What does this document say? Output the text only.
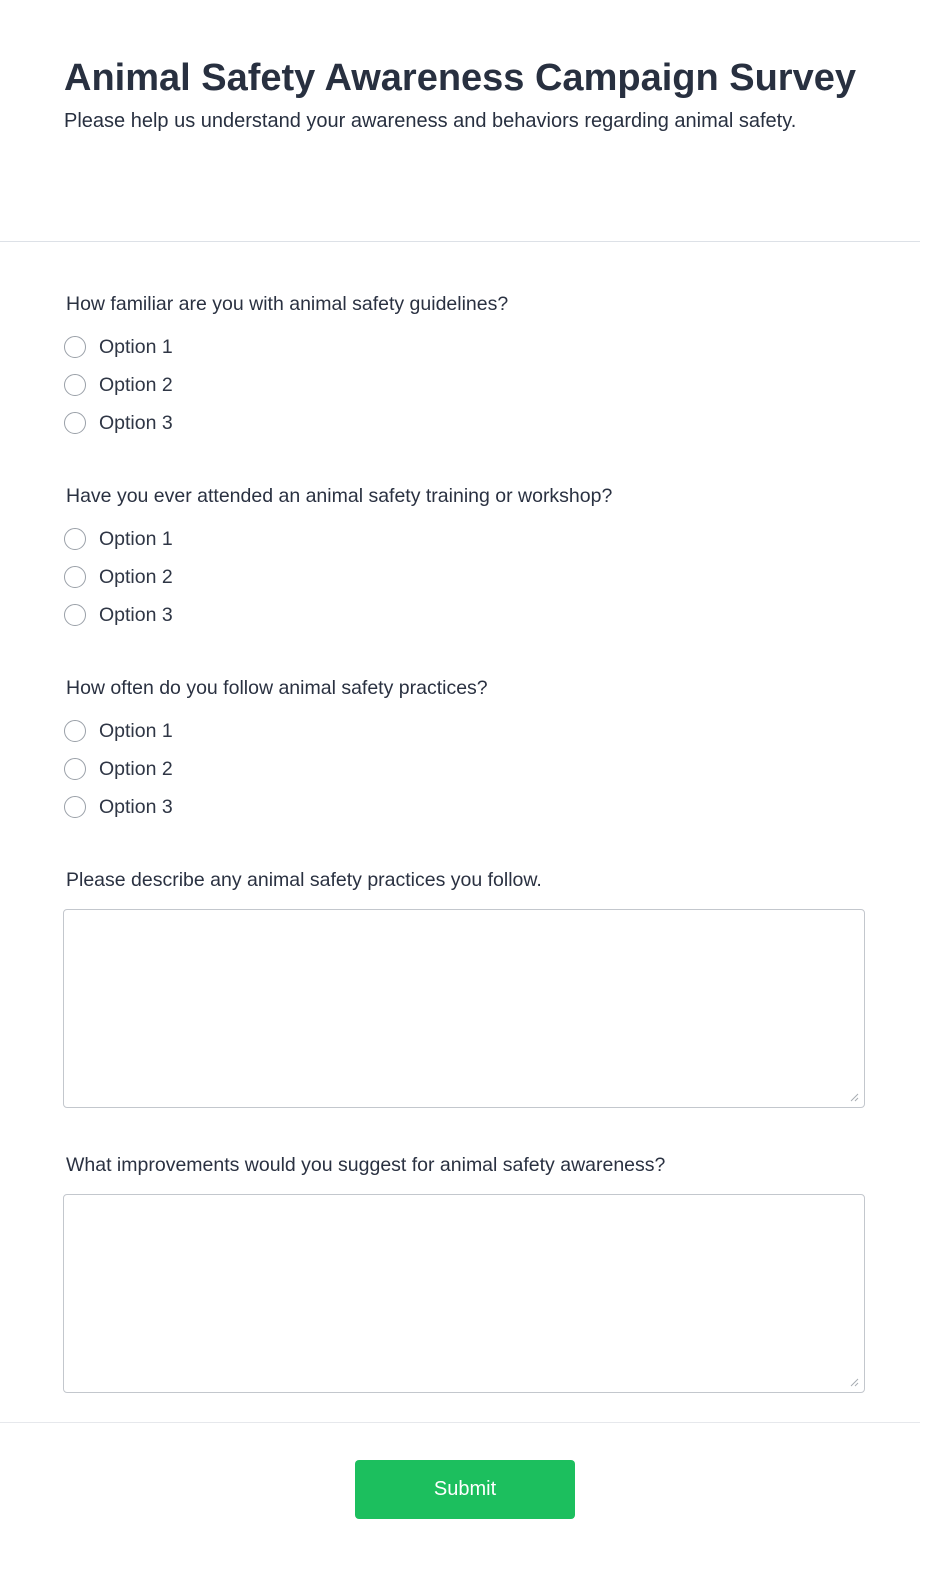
Animal Safety Awareness Campaign Survey

Please help us understand your awareness and behaviors regarding animal safety.

How familiar are you with animal safety guidelines?
Option 1
Option 2
Option 3
Have you ever attended an animal safety training or workshop?
Option 1
Option 2
Option 3
How often do you follow animal safety practices?
Option 1
Option 2
Option 3
Please describe any animal safety practices you follow.
What improvements would you suggest for animal safety awareness?
Submit
